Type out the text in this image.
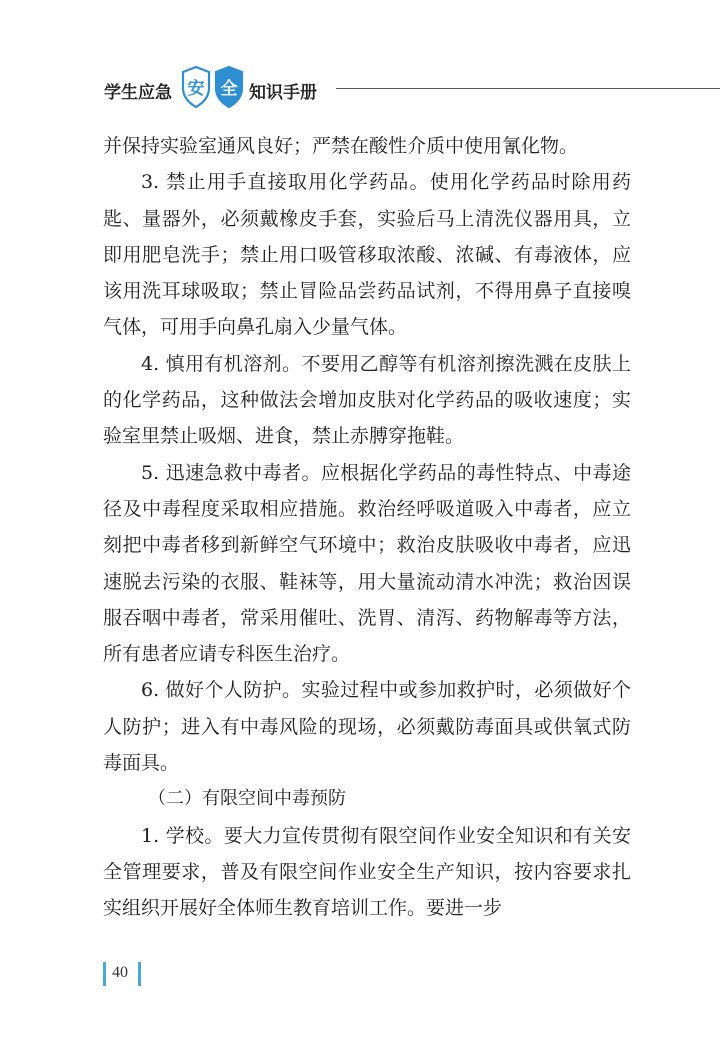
学生应急 安 全 知识手册

并保持实验室通风良好；严禁在酸性介质中使用氰化物。

3. 禁止用手直接取用化学药品。使用化学药品时除用药匙、量器外，必须戴橡皮手套，实验后马上清洗仪器用具，立即用肥皂洗手；禁止用口吸管移取浓酸、浓碱、有毒液体，应该用洗耳球吸取；禁止冒险品尝药品试剂，不得用鼻子直接嗅气体，可用手向鼻孔扇入少量气体。

4. 慎用有机溶剂。不要用乙醇等有机溶剂擦洗溅在皮肤上的化学药品，这种做法会增加皮肤对化学药品的吸收速度；实验室里禁止吸烟、进食，禁止赤膊穿拖鞋。

5. 迅速急救中毒者。应根据化学药品的毒性特点、中毒途径及中毒程度采取相应措施。救治经呼吸道吸入中毒者，应立刻把中毒者移到新鲜空气环境中；救治皮肤吸收中毒者，应迅速脱去污染的衣服、鞋袜等，用大量流动清水冲洗；救治因误服吞咽中毒者，常采用催吐、洗胃、清泻、药物解毒等方法，所有患者应请专科医生治疗。

6. 做好个人防护。实验过程中或参加救护时，必须做好个人防护；进入有中毒风险的现场，必须戴防毒面具或供氧式防毒面具。

（二）有限空间中毒预防

1. 学校。要大力宣传贯彻有限空间作业安全知识和有关安全管理要求，普及有限空间作业安全生产知识，按内容要求扎实组织开展好全体师生教育培训工作。要进一步

40
